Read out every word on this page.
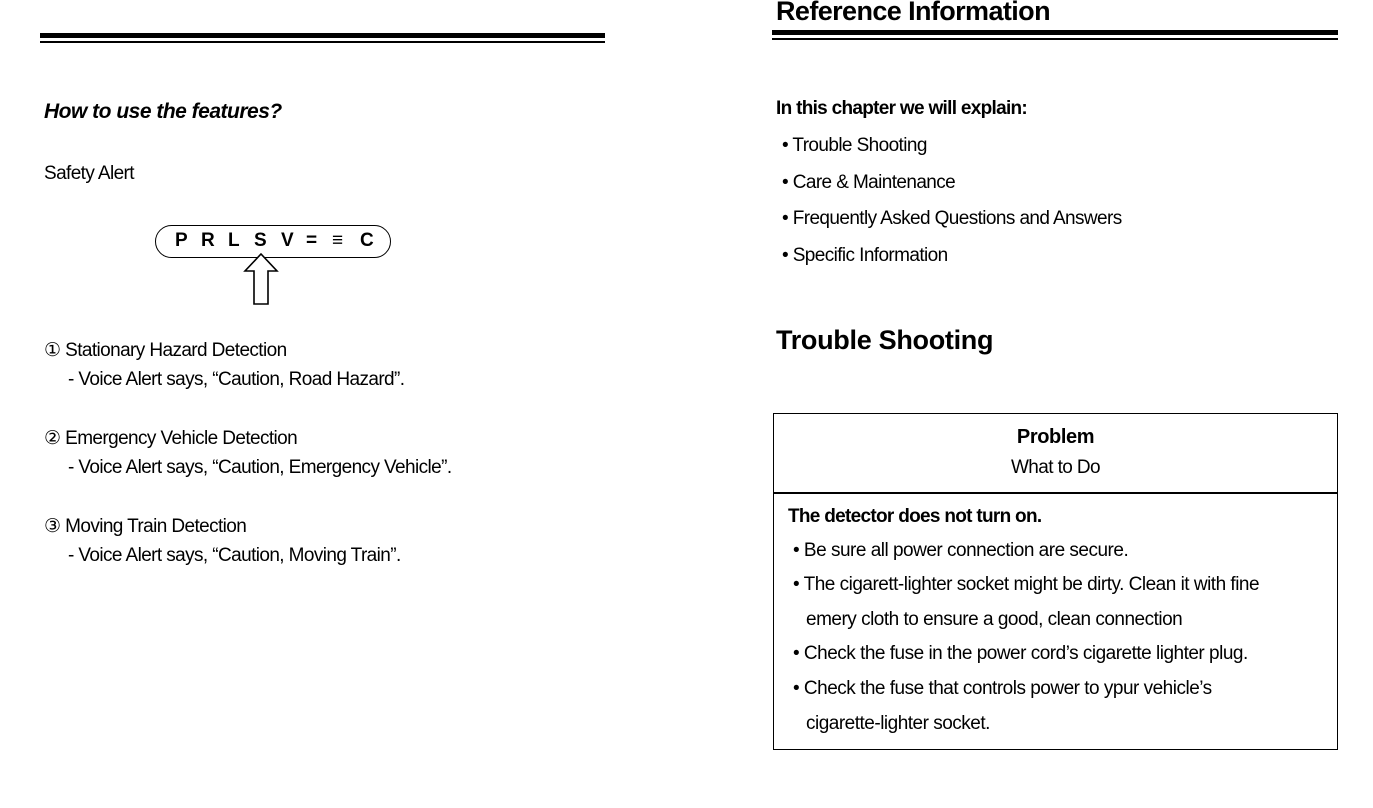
How to use the features?
Safety Alert
P R L S V = ≡ C
① Stationary Hazard Detection
- Voice Alert says, “Caution, Road Hazard”.
② Emergency Vehicle Detection
- Voice Alert says, “Caution, Emergency Vehicle”.
③ Moving Train Detection
- Voice Alert says, “Caution, Moving Train”.
Reference Information
In this chapter we will explain:
• Trouble Shooting
• Care & Maintenance
• Frequently Asked Questions and Answers
• Specific Information
Trouble Shooting
Problem
What to Do
The detector does not turn on.
• Be sure all power connection are secure.
• The cigarett-lighter socket might be dirty. Clean it with fine
emery cloth to ensure a good, clean connection
• Check the fuse in the power cord’s cigarette lighter plug.
• Check the fuse that controls power to ypur vehicle’s
cigarette-lighter socket.
